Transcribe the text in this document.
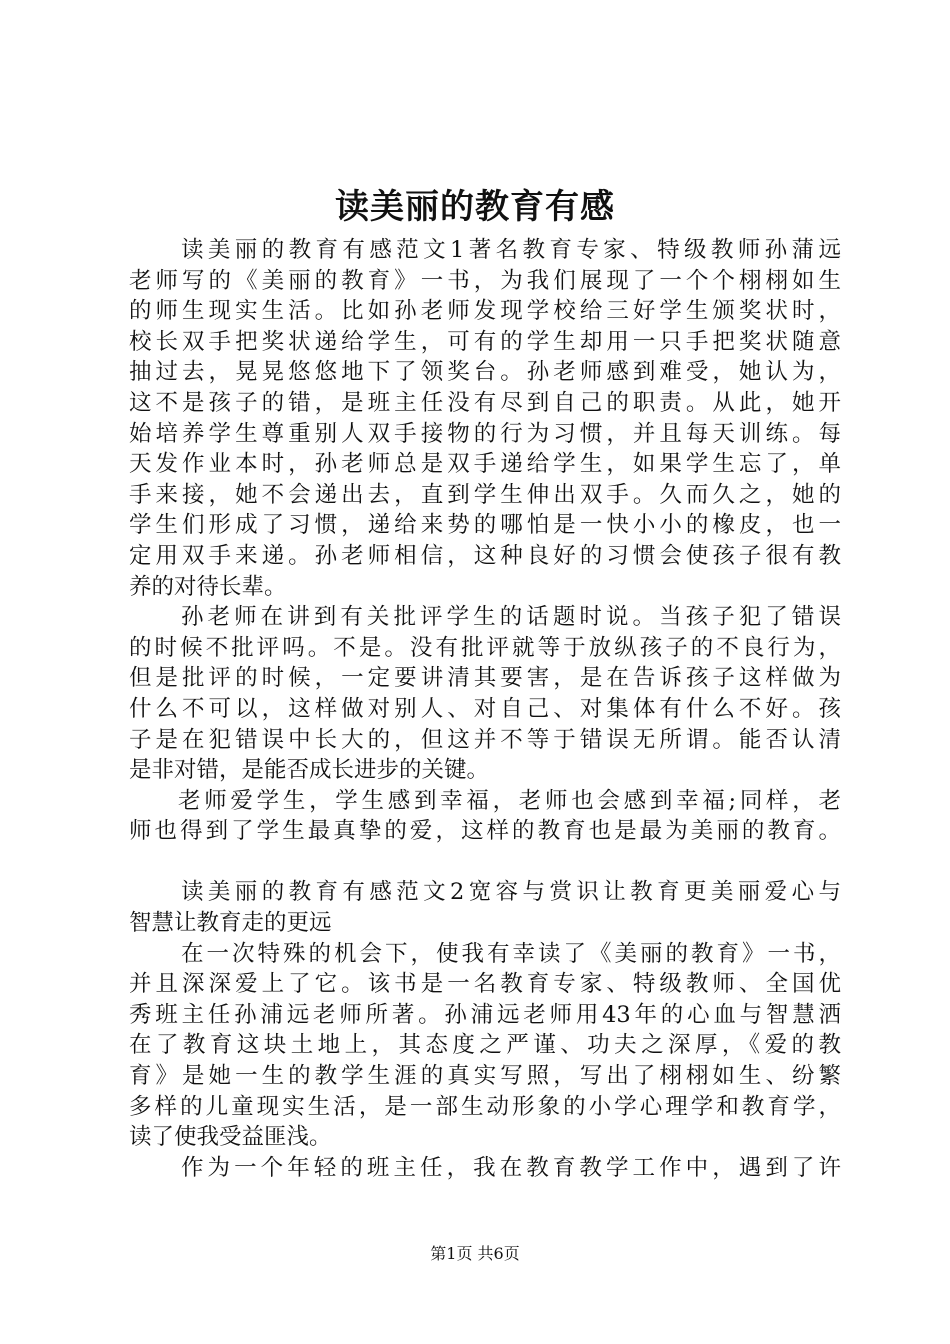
读美丽的教育有感
读美丽的教育有感范文1著名教育专家、特级教师孙蒲远
老师写的《美丽的教育》一书，为我们展现了一个个栩栩如生
的师生现实生活。比如孙老师发现学校给三好学生颁奖状时，
校长双手把奖状递给学生，可有的学生却用一只手把奖状随意
抽过去，晃晃悠悠地下了领奖台。孙老师感到难受，她认为，
这不是孩子的错，是班主任没有尽到自己的职责。从此，她开
始培养学生尊重别人双手接物的行为习惯，并且每天训练。每
天发作业本时，孙老师总是双手递给学生，如果学生忘了，单
手来接，她不会递出去，直到学生伸出双手。久而久之，她的
学生们形成了习惯，递给来势的哪怕是一快小小的橡皮，也一
定用双手来递。孙老师相信，这种良好的习惯会使孩子很有教
养的对待长辈。
孙老师在讲到有关批评学生的话题时说。当孩子犯了错误
的时候不批评吗。不是。没有批评就等于放纵孩子的不良行为，
但是批评的时候，一定要讲清其要害，是在告诉孩子这样做为
什么不可以，这样做对别人、对自己、对集体有什么不好。孩
子是在犯错误中长大的，但这并不等于错误无所谓。能否认清
是非对错，是能否成长进步的关键。
老师爱学生，学生感到幸福，老师也会感到幸福;同样，老
师也得到了学生最真挚的爱，这样的教育也是最为美丽的教育。
读美丽的教育有感范文2宽容与赏识让教育更美丽爱心与
智慧让教育走的更远
在一次特殊的机会下，使我有幸读了《美丽的教育》一书，
并且深深爱上了它。该书是一名教育专家、特级教师、全国优
秀班主任孙浦远老师所著。孙浦远老师用43年的心血与智慧洒
在了教育这块土地上，其态度之严谨、功夫之深厚，《爱的教
育》是她一生的教学生涯的真实写照，写出了栩栩如生、纷繁
多样的儿童现实生活，是一部生动形象的小学心理学和教育学，
读了使我受益匪浅。
作为一个年轻的班主任，我在教育教学工作中，遇到了许
第1页 共6页
